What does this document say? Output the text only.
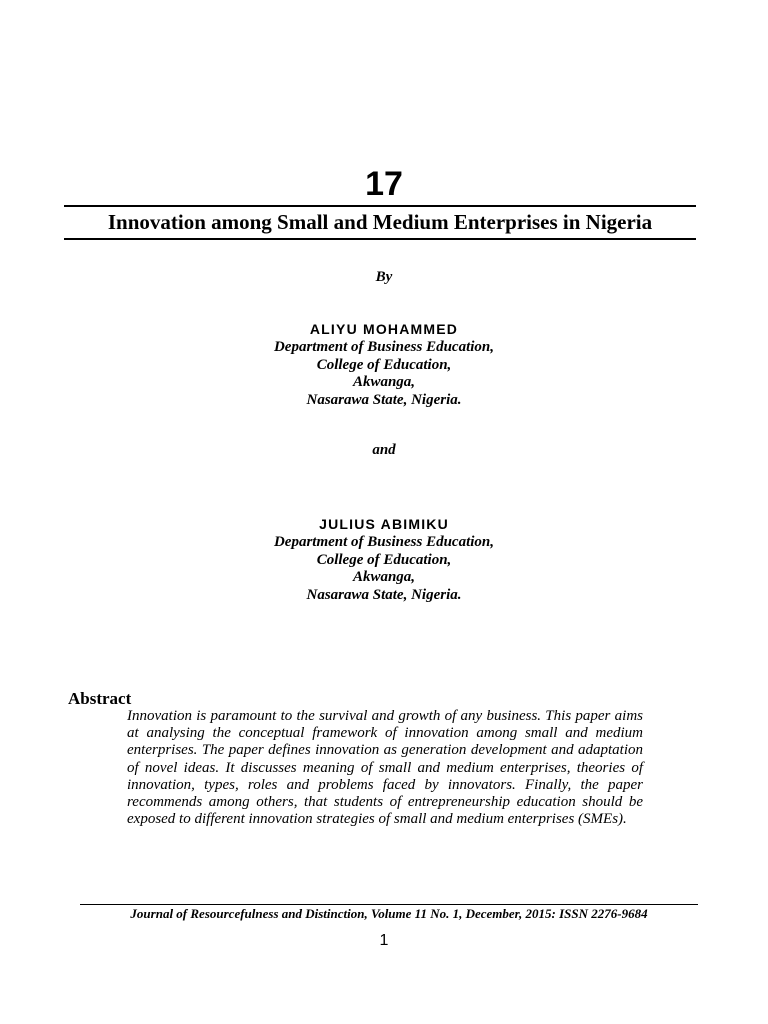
17
Innovation among Small and Medium Enterprises in Nigeria
By
ALIYU MOHAMMED
Department of Business Education,
College of Education,
Akwanga,
Nasarawa State, Nigeria.
and
JULIUS ABIMIKU
Department of Business Education,
College of Education,
Akwanga,
Nasarawa State, Nigeria.
Abstract

Innovation is paramount to the survival and growth of any business. This paper aims at analysing the conceptual framework of innovation among small and medium enterprises. The paper defines innovation as generation development and adaptation of novel ideas. It discusses meaning of small and medium enterprises, theories of innovation, types, roles and problems faced by innovators. Finally, the paper recommends among others, that students of entrepreneurship education should be exposed to different innovation strategies of small and medium enterprises (SMEs).

Journal of Resourcefulness and Distinction, Volume 11 No. 1, December, 2015: ISSN 2276-9684
1
